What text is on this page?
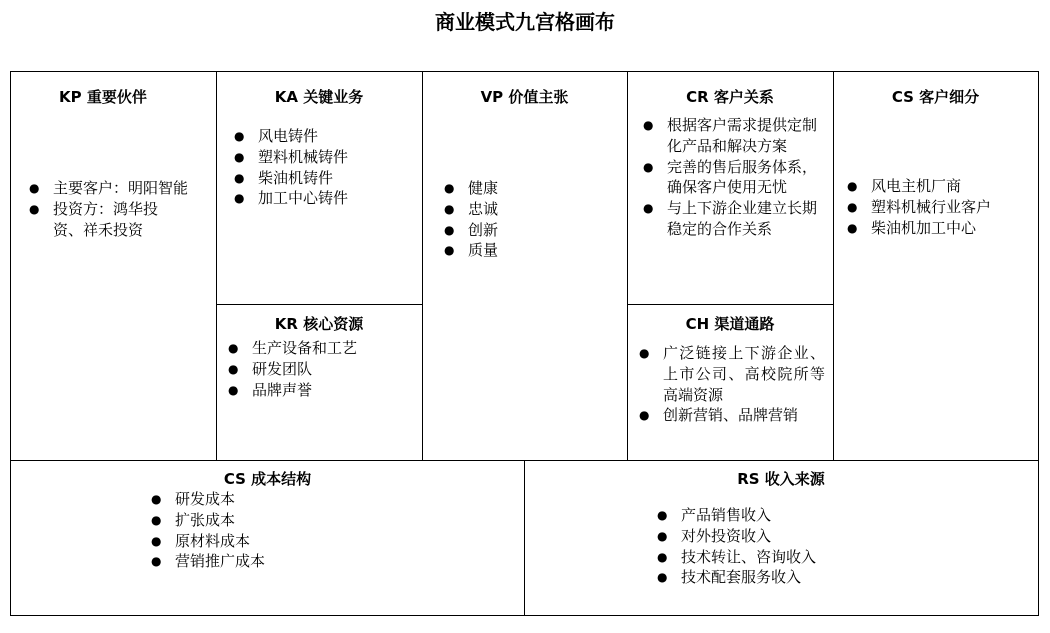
商业模式九宫格画布
KP 重要伙伴
● 主要客户：明阳智能
● 投资方：鸿华投资、祥禾投资
KA 关键业务
● 风电铸件
● 塑料机械铸件
● 柴油机铸件
● 加工中心铸件
KR 核心资源
● 生产设备和工艺
● 研发团队
● 品牌声誉
VP 价值主张
● 健康
● 忠诚
● 创新
● 质量
CR 客户关系
● 根据客户需求提供定制化产品和解决方案
● 完善的售后服务体系，确保客户使用无忧
● 与上下游企业建立长期稳定的合作关系
CH 渠道通路
● 广泛链接上下游企业、上市公司、高校院所等高端资源
● 创新营销、品牌营销
CS 客户细分
● 风电主机厂商
● 塑料机械行业客户
● 柴油机加工中心
CS 成本结构
● 研发成本
● 扩张成本
● 原材料成本
● 营销推广成本
RS 收入来源
● 产品销售收入
● 对外投资收入
● 技术转让、咨询收入
● 技术配套服务收入
